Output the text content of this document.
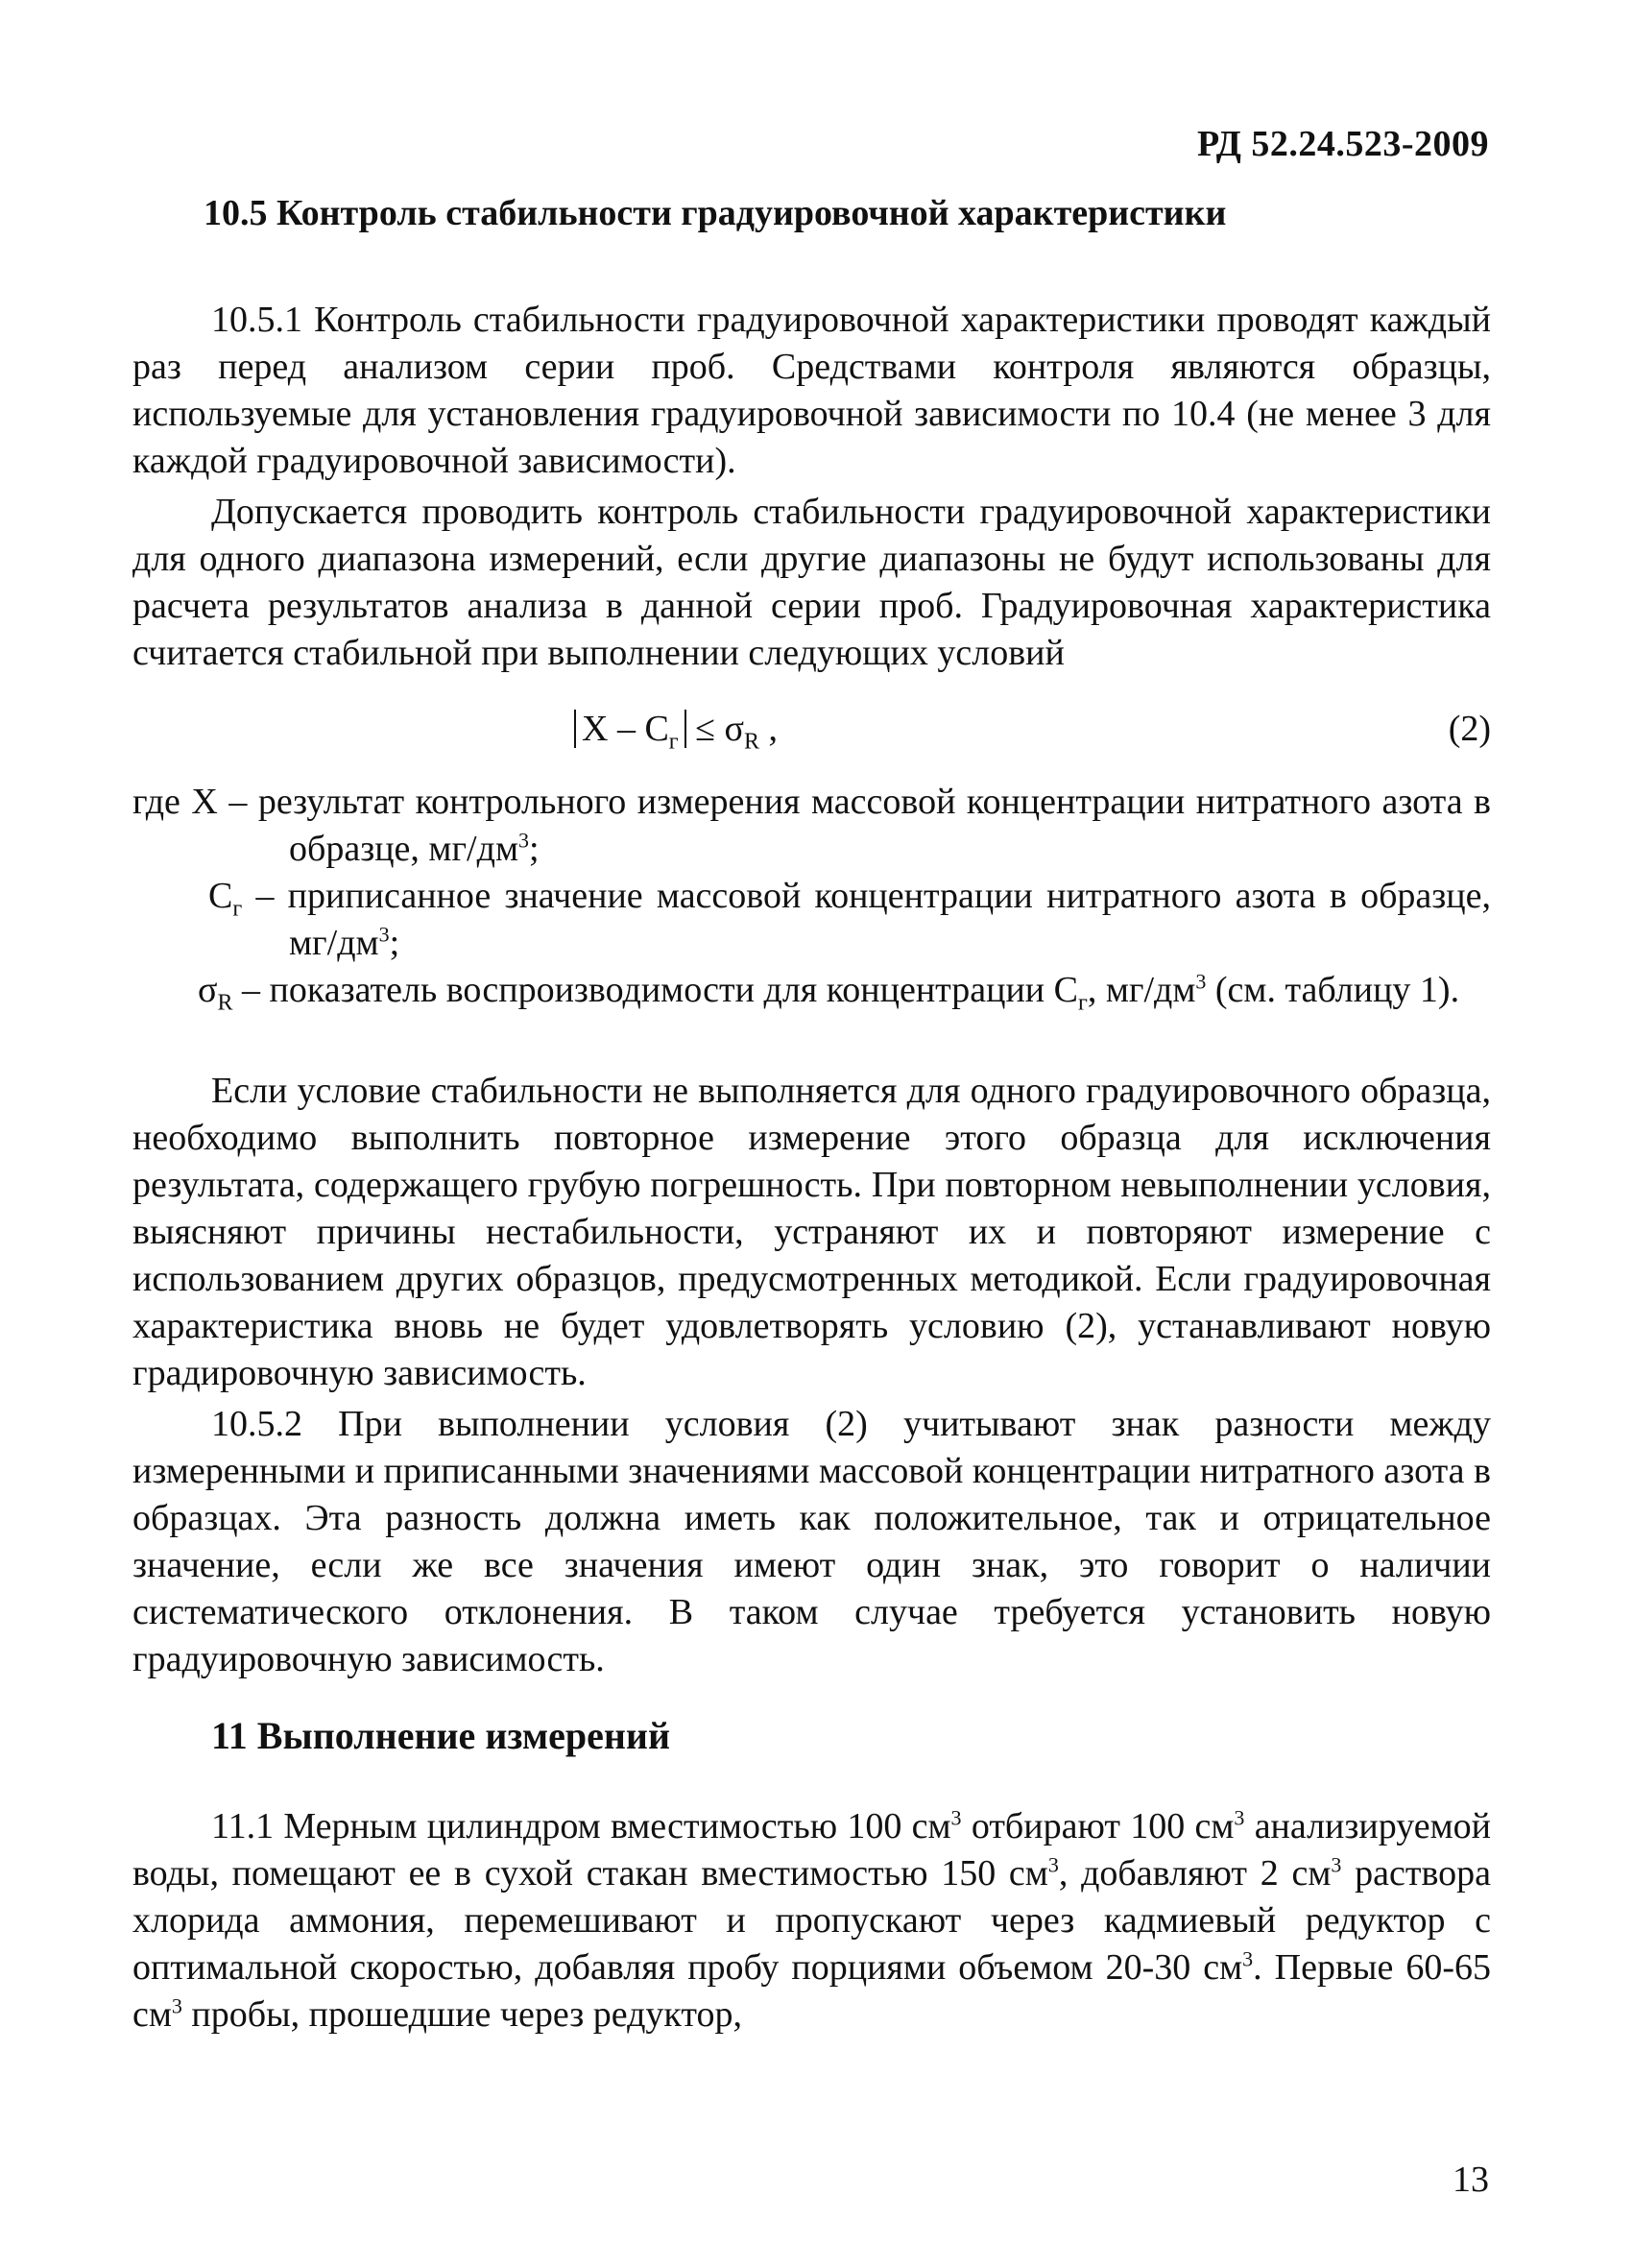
РД 52.24.523-2009
10.5 Контроль стабильности градуировочной характеристики

10.5.1 Контроль стабильности градуировочной характеристики проводят каждый раз перед анализом серии проб. Средствами контроля являются образцы, используемые для установления градуировочной зависимости по 10.4 (не менее 3 для каждой градуировочной зависимости).

Допускается проводить контроль стабильности градуировочной характеристики для одного диапазона измерений, если другие диапазоны не будут использованы для расчета результатов анализа в данной серии проб. Градуировочная характеристика считается стабильной при выполнении следующих условий

$X - C_г \le \sigma_R$ ,	(2)

где X – результат контрольного измерения массовой концентрации нитратного азота в образце, $мг/дм^3$;

$C_г$ – приписанное значение массовой концентрации нитратного азота в образце, $мг/дм^3$;

$\sigma_R$ – показатель воспроизводимости для концентрации $C_г$, $мг/дм^3$ (см. таблицу 1).

Если условие стабильности не выполняется для одного градуировочного образца, необходимо выполнить повторное измерение этого образца для исключения результата, содержащего грубую погрешность. При повторном невыполнении условия, выясняют причины нестабильности, устраняют их и повторяют измерение с использованием других образцов, предусмотренных методикой. Если градуировочная характеристика вновь не будет удовлетворять условию (2), устанавливают новую градировочную зависимость.

10.5.2 При выполнении условия (2) учитывают знак разности между измеренными и приписанными значениями массовой концентрации нитратного азота в образцах. Эта разность должна иметь как положительное, так и отрицательное значение, если же все значения имеют один знак, это говорит о наличии систематического отклонения. В таком случае требуется установить новую градуировочную зависимость.

11 Выполнение измерений

11.1 Мерным цилиндром вместимостью 100 $см^3$ отбирают 100 $см^3$ анализируемой воды, помещают ее в сухой стакан вместимостью 150 $см^3$, добавляют 2 $см^3$ раствора хлорида аммония, перемешивают и пропускают через кадмиевый редуктор с оптимальной скоростью, добавляя пробу порциями объемом 20-30 $см^3$. Первые 60-65 $см^3$ пробы, прошедшие через редуктор,

13
